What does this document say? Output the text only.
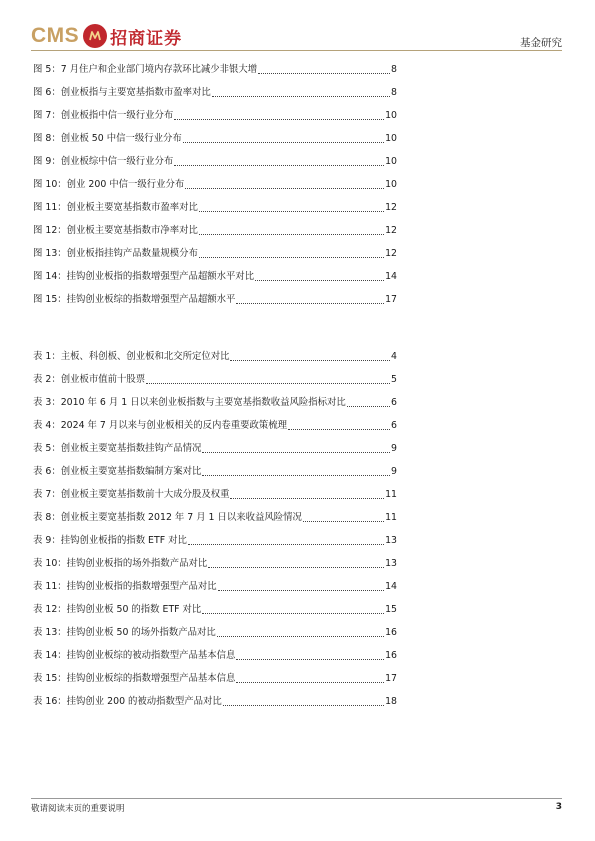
CMS 招商证券	基金研究
图 5：7 月住户和企业部门境内存款环比减少非银大增	8
图 6：创业板指与主要宽基指数市盈率对比	8
图 7：创业板指中信一级行业分布	10
图 8：创业板 50 中信一级行业分布	10
图 9：创业板综中信一级行业分布	10
图 10：创业 200 中信一级行业分布	10
图 11：创业板主要宽基指数市盈率对比	12
图 12：创业板主要宽基指数市净率对比	12
图 13：创业板指挂钩产品数量规模分布	12
图 14：挂钩创业板指的指数增强型产品超额水平对比	14
图 15：挂钩创业板综的指数增强型产品超额水平	17
表 1：主板、科创板、创业板和北交所定位对比	4
表 2：创业板市值前十股票	5
表 3：2010 年 6 月 1 日以来创业板指数与主要宽基指数收益风险指标对比	6
表 4：2024 年 7 月以来与创业板相关的反内卷重要政策梳理	6
表 5：创业板主要宽基指数挂钩产品情况	9
表 6：创业板主要宽基指数编制方案对比	9
表 7：创业板主要宽基指数前十大成分股及权重	11
表 8：创业板主要宽基指数 2012 年 7 月 1 日以来收益风险情况	11
表 9：挂钩创业板指的指数 ETF 对比	13
表 10：挂钩创业板指的场外指数产品对比	13
表 11：挂钩创业板指的指数增强型产品对比	14
表 12：挂钩创业板 50 的指数 ETF 对比	15
表 13：挂钩创业板 50 的场外指数产品对比	16
表 14：挂钩创业板综的被动指数型产品基本信息	16
表 15：挂钩创业板综的指数增强型产品基本信息	17
表 16：挂钩创业 200 的被动指数型产品对比	18
敬请阅读末页的重要说明	3
